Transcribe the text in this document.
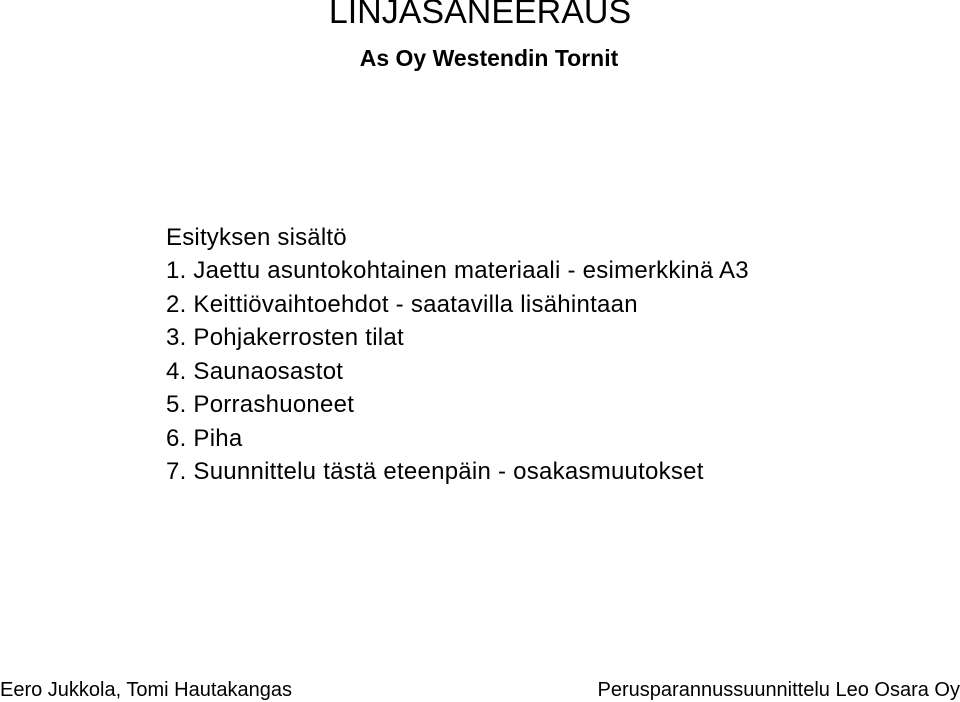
LINJASANEERAUS
As Oy Westendin Tornit
Esityksen sisältö
1. Jaettu asuntokohtainen materiaali - esimerkkinä A3
2. Keittiövaihtoehdot - saatavilla lisähintaan
3. Pohjakerrosten tilat
4. Saunaosastot
5. Porrashuoneet
6. Piha
7. Suunnittelu tästä eteenpäin - osakasmuutokset
Eero Jukkola, Tomi Hautakangas	Perusparannussuunnittelu Leo Osara Oy
